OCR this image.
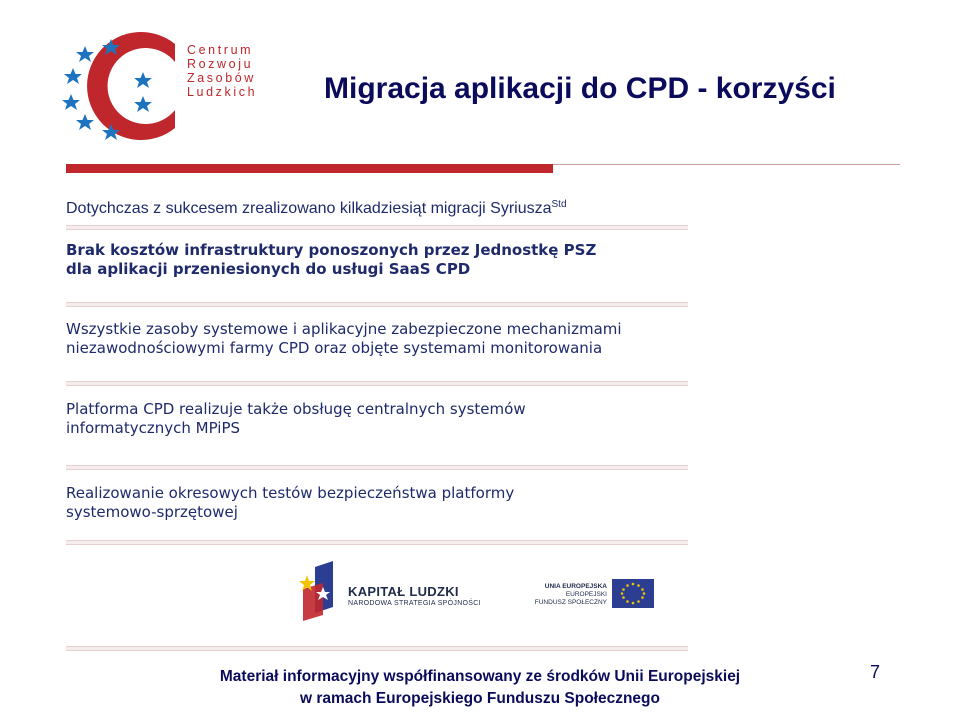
Centrum
Rozwoju
Zasobów
Ludzkich	Migracja aplikacji do CPD - korzyści
Dotychczas z sukcesem zrealizowano kilkadziesiąt migracji Syriusza$^{Std}$
Brak kosztów infrastruktury ponoszonych przez Jednostkę PSZ
dla aplikacji przeniesionych do usługi SaaS CPD
Wszystkie zasoby systemowe i aplikacyjne zabezpieczone mechanizmami
niezawodnościowymi farmy CPD oraz objęte systemami monitorowania
Platforma CPD realizuje także obsługę centralnych systemów
informatycznych MPiPS
Realizowanie okresowych testów bezpieczeństwa platformy
systemowo-sprzętowej
KAPITAŁ LUDZKI
NARODOWA STRATEGIA SPÓJNOŚCI
UNIA EUROPEJSKA
EUROPEJSKI
FUNDUSZ SPOŁECZNY
Materiał informacyjny współfinansowany ze środków Unii Europejskiej
w ramach Europejskiego Funduszu Społecznego
7
